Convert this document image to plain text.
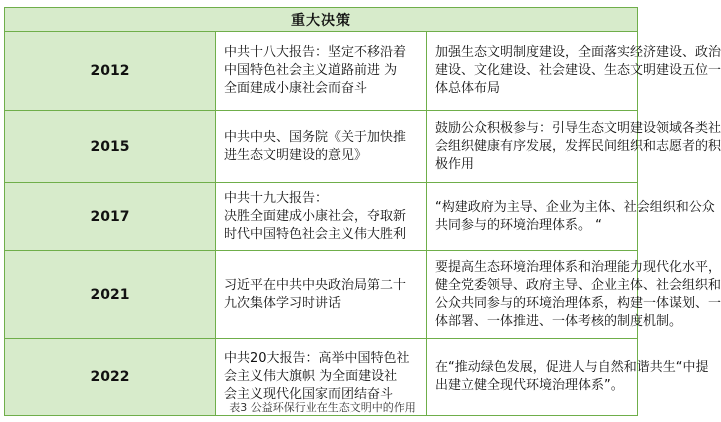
重大决策		
2012	中共十八大报告：坚定不移沿着
中国特色社会主义道路前进 为
全面建成小康社会而奋斗	加强生态文明制度建设，全面落实经济建设、政治
建设、文化建设、社会建设、生态文明建设五位一
体总体布局

2015	中共中央、国务院《关于加快推
进生态文明建设的意见》	鼓励公众积极参与：引导生态文明建设领域各类社
会组织健康有序发展，发挥民间组织和志愿者的积
极作用

2017	中共十九大报告：
决胜全面建成小康社会，夺取新
时代中国特色社会主义伟大胜利	“构建政府为主导、企业为主体、社会组织和公众
共同参与的环境治理体系。 “

2021	习近平在中共中央政治局第二十
九次集体学习时讲话	要提高生态环境治理体系和治理能力现代化水平，
健全党委领导、政府主导、企业主体、社会组织和
公众共同参与的环境治理体系，构建一体谋划、一
体部署、一体推进、一体考核的制度机制。

2022	中共20大报告：高举中国特色社
会主义伟大旗帜 为全面建设社
会主义现代化国家而团结奋斗	在“推动绿色发展，促进人与自然和谐共生“中提
出建立健全现代环境治理体系”。
表3 公益环保行业在生态文明中的作用
